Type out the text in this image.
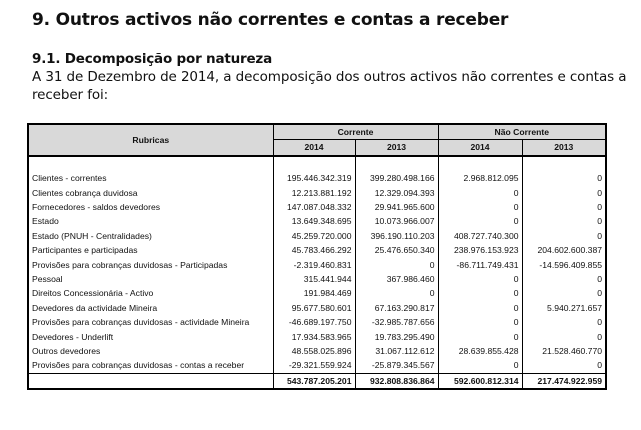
9. Outros activos não correntes e contas a receber
9.1. Decomposição por natureza
A 31 de Dezembro de 2014, a decomposição dos outros activos não correntes e contas a receber foi:
Rubricas	Corrente		Não Corrente	
	2014	2013	2014	2013

Clientes - correntes	195.446.342.319	399.280.498.166	2.968.812.095	0
Clientes cobrança duvidosa	12.213.881.192	12.329.094.393	0	0
Fornecedores - saldos devedores	147.087.048.332	29.941.965.600	0	0
Estado	13.649.348.695	10.073.966.007	0	0
Estado (PNUH - Centralidades)	45.259.720.000	396.190.110.203	408.727.740.300	0
Participantes e participadas	45.783.466.292	25.476.650.340	238.976.153.923	204.602.600.387
Provisões para cobranças duvidosas - Participadas	-2.319.460.831	0	-86.711.749.431	-14.596.409.855
Pessoal	315.441.944	367.986.460	0	0
Direitos Concessionária - Activo	191.984.469	0	0	0
Devedores da actividade Mineira	95.677.580.601	67.163.290.817	0	5.940.271.657
Provisões para cobranças duvidosas - actividade Mineira	-46.689.197.750	-32.985.787.656	0	0
Devedores - Underlift	17.934.583.965	19.783.295.490	0	0
Outros devedores	48.558.025.896	31.067.112.612	28.639.855.428	21.528.460.770
Provisões para cobranças duvidosas - contas a receber	-29.321.559.924	-25.879.345.567	0	0
	543.787.205.201	932.808.836.864	592.600.812.314	217.474.922.959
